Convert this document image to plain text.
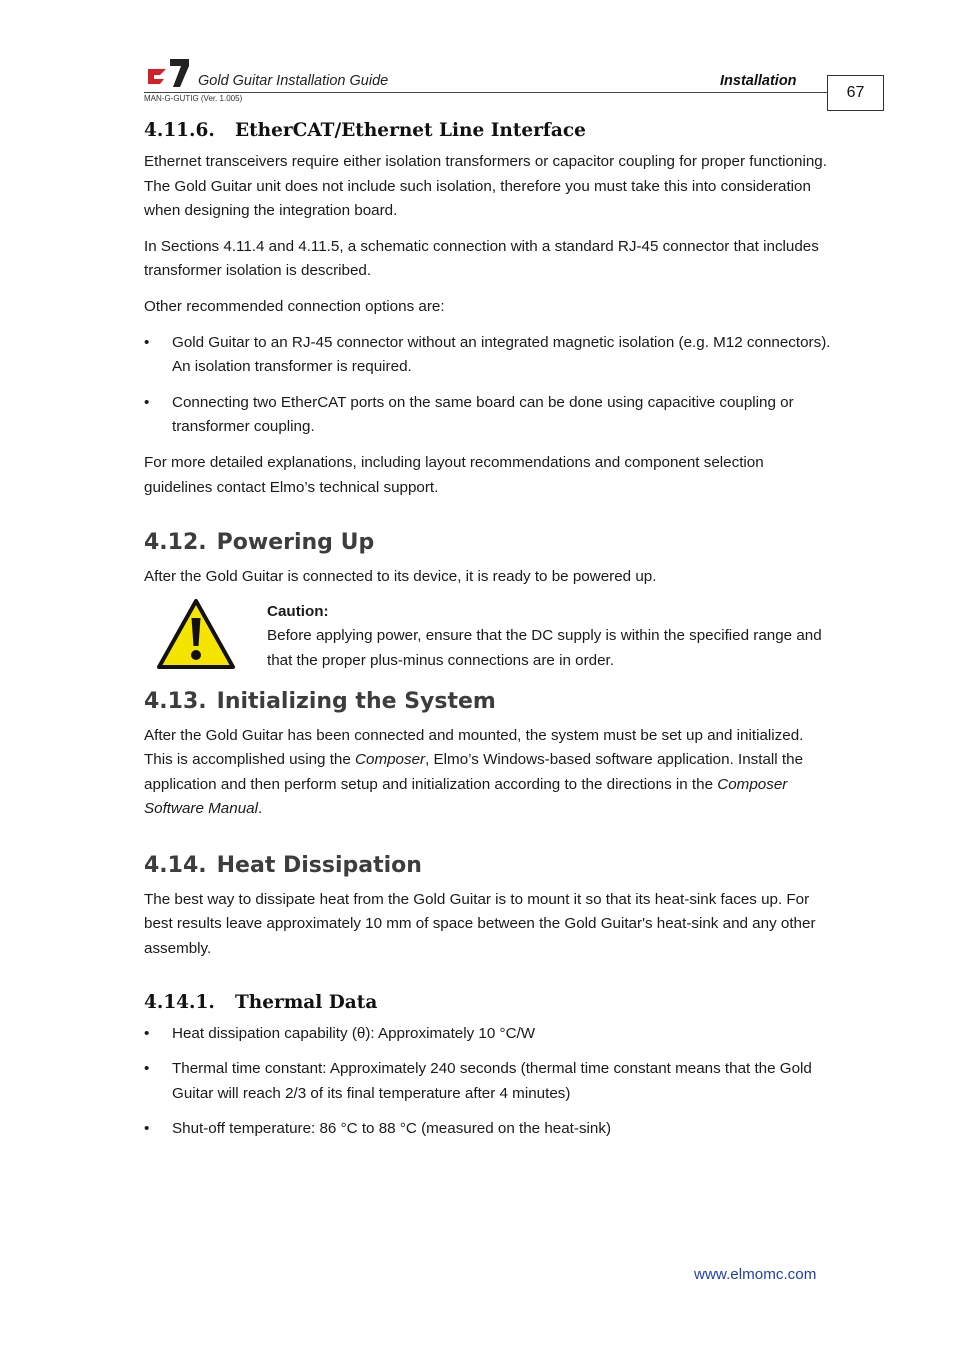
Gold Guitar Installation Guide	Installation
MAN-G-GUTIG (Ver. 1.005)	67
4.11.6.	EtherCAT/Ethernet Line Interface

Ethernet transceivers require either isolation transformers or capacitor coupling for proper functioning. The Gold Guitar unit does not include such isolation, therefore you must take this into consideration when designing the integration board.

In Sections 4.11.4 and 4.11.5, a schematic connection with a standard RJ-45 connector that includes transformer isolation is described.

Other recommended connection options are:

• Gold Guitar to an RJ-45 connector without an integrated magnetic isolation (e.g. M12 connectors). An isolation transformer is required.
• Connecting two EtherCAT ports on the same board can be done using capacitive coupling or transformer coupling.

For more detailed explanations, including layout recommendations and component selection guidelines contact Elmo’s technical support.

4.12. Powering Up

After the Gold Guitar is connected to its device, it is ready to be powered up.

Caution:
Before applying power, ensure that the DC supply is within the specified range and that the proper plus-minus connections are in order.
4.13. Initializing the System

After the Gold Guitar has been connected and mounted, the system must be set up and initialized. This is accomplished using the Composer, Elmo’s Windows-based software application. Install the application and then perform setup and initialization according to the directions in the Composer Software Manual.

4.14. Heat Dissipation

The best way to dissipate heat from the Gold Guitar is to mount it so that its heat-sink faces up. For best results leave approximately 10 mm of space between the Gold Guitar's heat-sink and any other assembly.

4.14.1.	Thermal Data
• Heat dissipation capability (θ): Approximately 10 °C/W
• Thermal time constant: Approximately 240 seconds (thermal time constant means that the Gold Guitar will reach 2/3 of its final temperature after 4 minutes)
• Shut-off temperature: 86 °C to 88 °C (measured on the heat-sink)
www.elmomc.com
